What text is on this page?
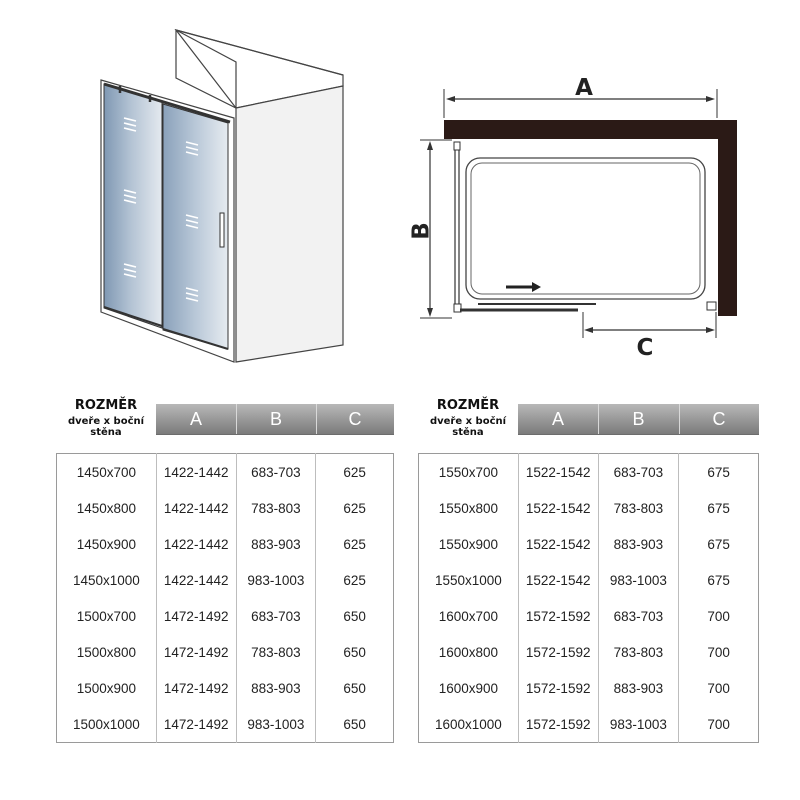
A
B
C
ROZMĚR
dveře x boční stěna
A	B	C
1450x700	1422-1442	683-703	625
1450x800	1422-1442	783-803	625
1450x900	1422-1442	883-903	625
1450x1000	1422-1442	983-1003	625
1500x700	1472-1492	683-703	650
1500x800	1472-1492	783-803	650
1500x900	1472-1492	883-903	650
1500x1000	1472-1492	983-1003	650
ROZMĚR
dveře x boční stěna
A	B	C
1550x700	1522-1542	683-703	675
1550x800	1522-1542	783-803	675
1550x900	1522-1542	883-903	675
1550x1000	1522-1542	983-1003	675
1600x700	1572-1592	683-703	700
1600x800	1572-1592	783-803	700
1600x900	1572-1592	883-903	700
1600x1000	1572-1592	983-1003	700
